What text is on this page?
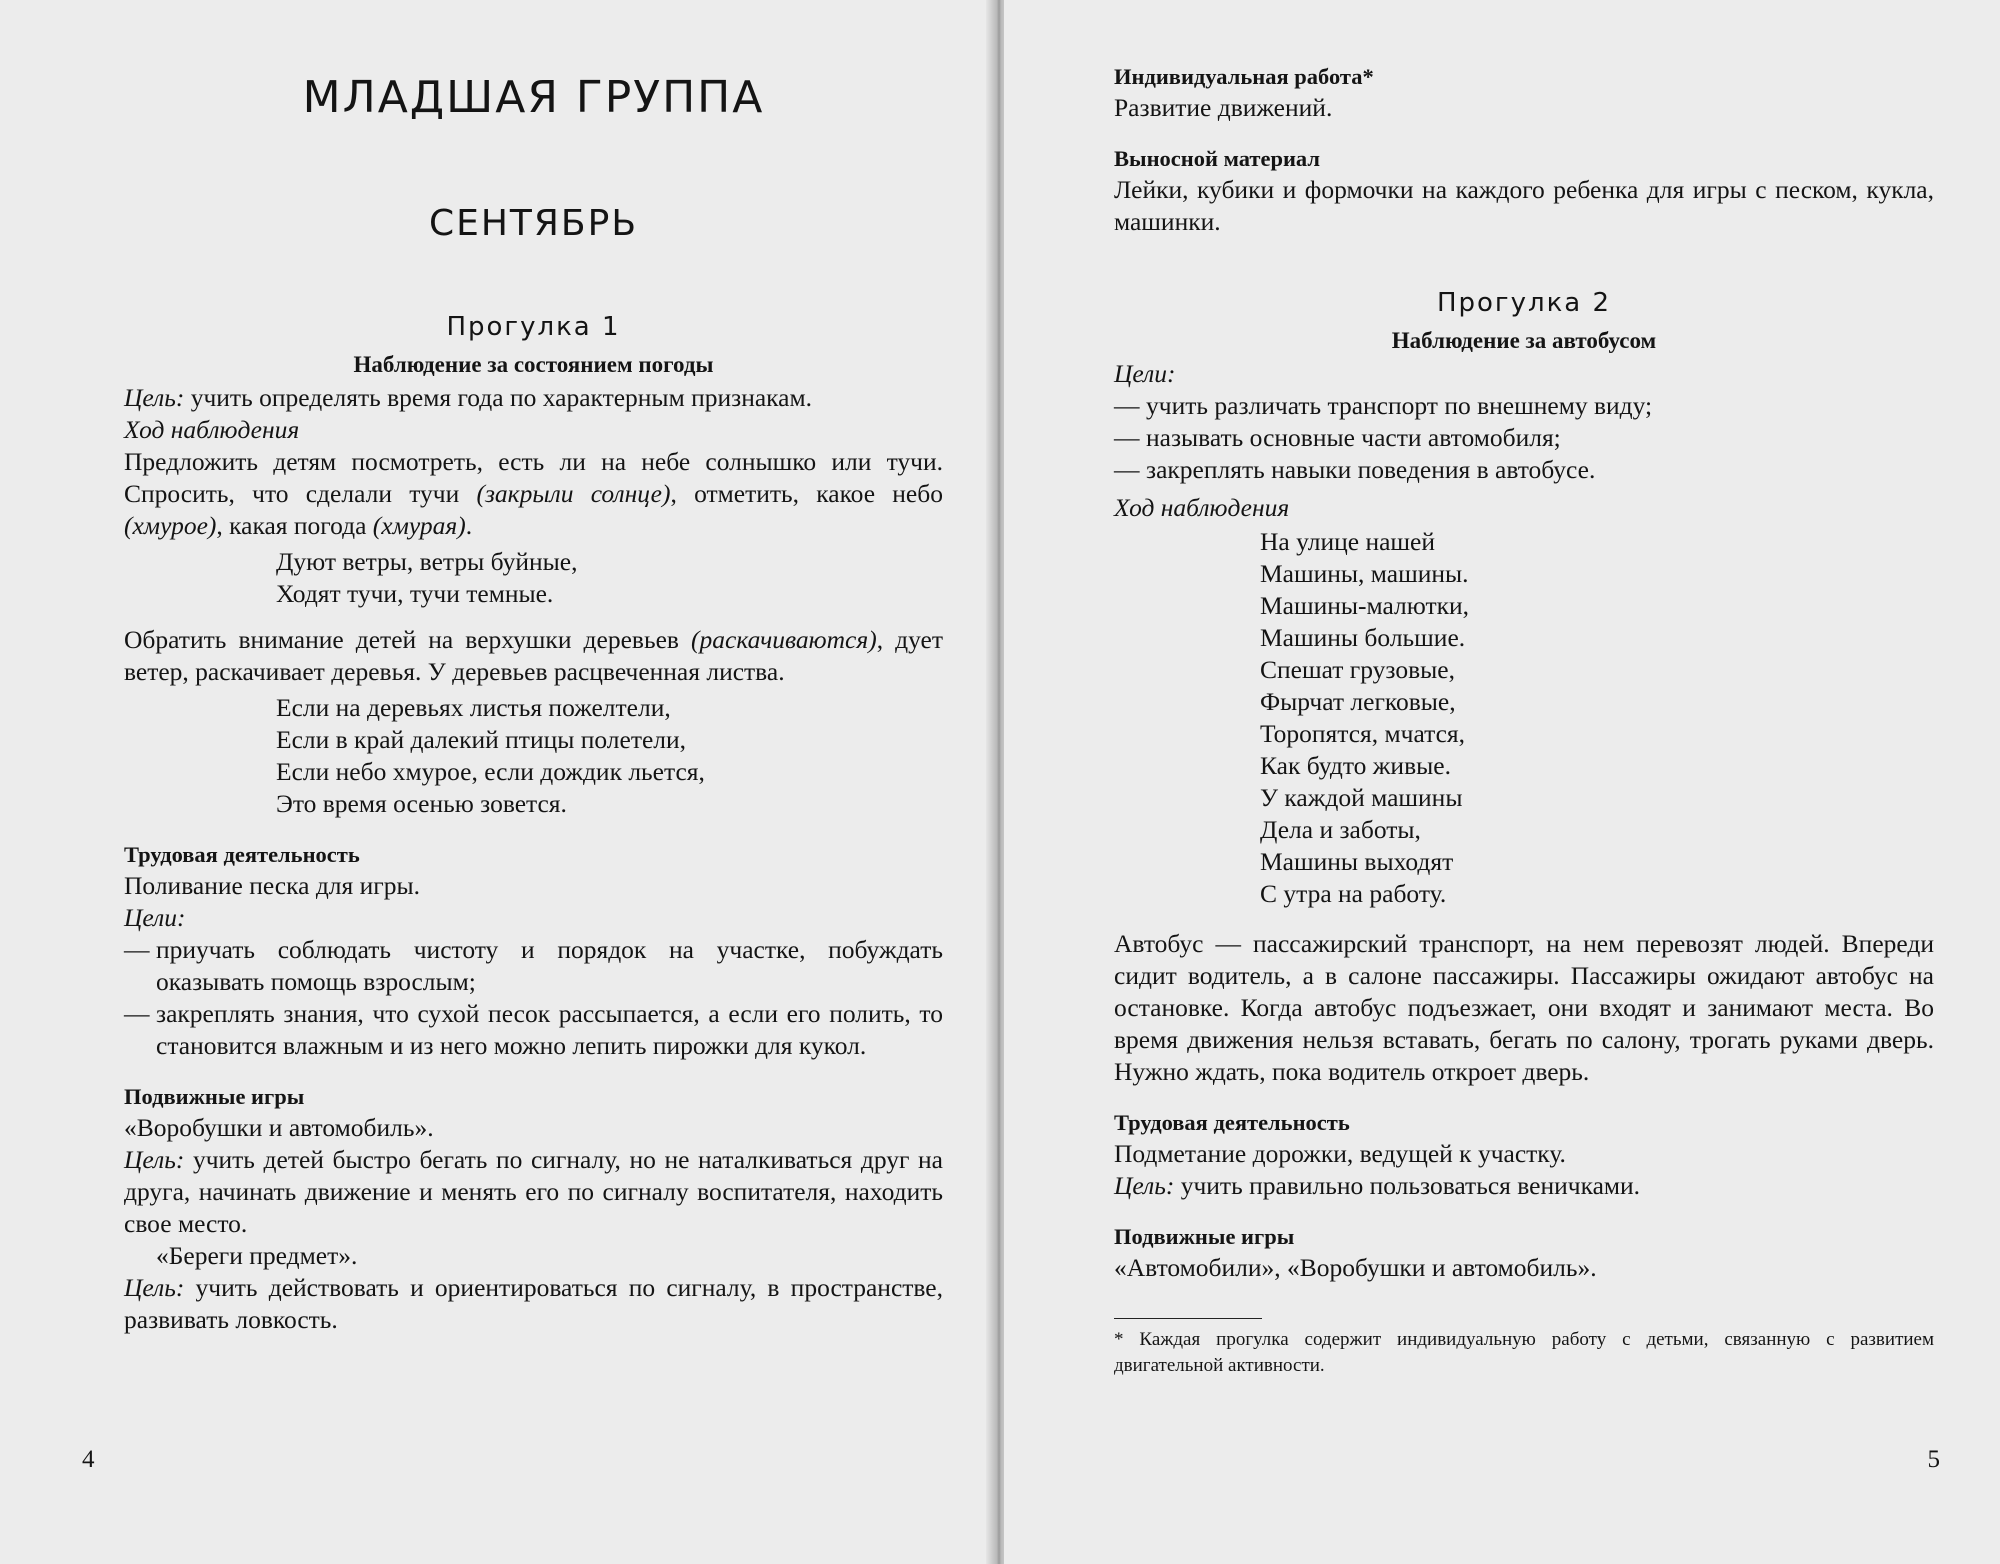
МЛАДШАЯ ГРУППА
СЕНТЯБРЬ
Прогулка 1
Наблюдение за состоянием погоды

Цель: учить определять время года по характерным признакам.

Ход наблюдения

Предложить детям посмотреть, есть ли на небе солнышко или тучи. Спросить, что сделали тучи (закрыли солнце), отметить, какое небо (хмурое), какая погода (хмурая).

Дуют ветры, ветры буйные,
Ходят тучи, тучи темные.

Обратить внимание детей на верхушки деревьев (раскачиваются), дует ветер, раскачивает деревья. У деревьев расцвеченная листва.

Если на деревьях листья пожелтели,
Если в край далекий птицы полетели,
Если небо хмурое, если дождик льется,
Это время осенью зовется.
Трудовая деятельность

Поливание песка для игры.

Цели:

— приучать соблюдать чистоту и порядок на участке, побуждать оказывать помощь взрослым;
— закреплять знания, что сухой песок рассыпается, а если его полить, то становится влажным и из него можно лепить пирожки для кукол.
Подвижные игры

«Воробушки и автомобиль».

Цель: учить детей быстро бегать по сигналу, но не наталкиваться друг на друга, начинать движение и менять его по сигналу воспитателя, находить свое место.

«Береги предмет».

Цель: учить действовать и ориентироваться по сигналу, в пространстве, развивать ловкость.

4
Индивидуальная работа*

Развитие движений.

Выносной материал

Лейки, кубики и формочки на каждого ребенка для игры с песком, кукла, машинки.

Прогулка 2
Наблюдение за автобусом

Цели:

— учить различать транспорт по внешнему виду;
— называть основные части автомобиля;
— закреплять навыки поведения в автобусе.

Ход наблюдения

На улице нашей
Машины, машины.
Машины-малютки,
Машины большие.
Спешат грузовые,
Фырчат легковые,
Торопятся, мчатся,
Как будто живые.
У каждой машины
Дела и заботы,
Машины выходят
С утра на работу.

Автобус — пассажирский транспорт, на нем перевозят людей. Впереди сидит водитель, а в салоне пассажиры. Пассажиры ожидают автобус на остановке. Когда автобус подъезжает, они входят и занимают места. Во время движения нельзя вставать, бегать по салону, трогать руками дверь. Нужно ждать, пока водитель откроет дверь.

Трудовая деятельность

Подметание дорожки, ведущей к участку.

Цель: учить правильно пользоваться веничками.

Подвижные игры

«Автомобили», «Воробушки и автомобиль».

* Каждая прогулка содержит индивидуальную работу с детьми, связанную с развитием двигательной активности.
5
